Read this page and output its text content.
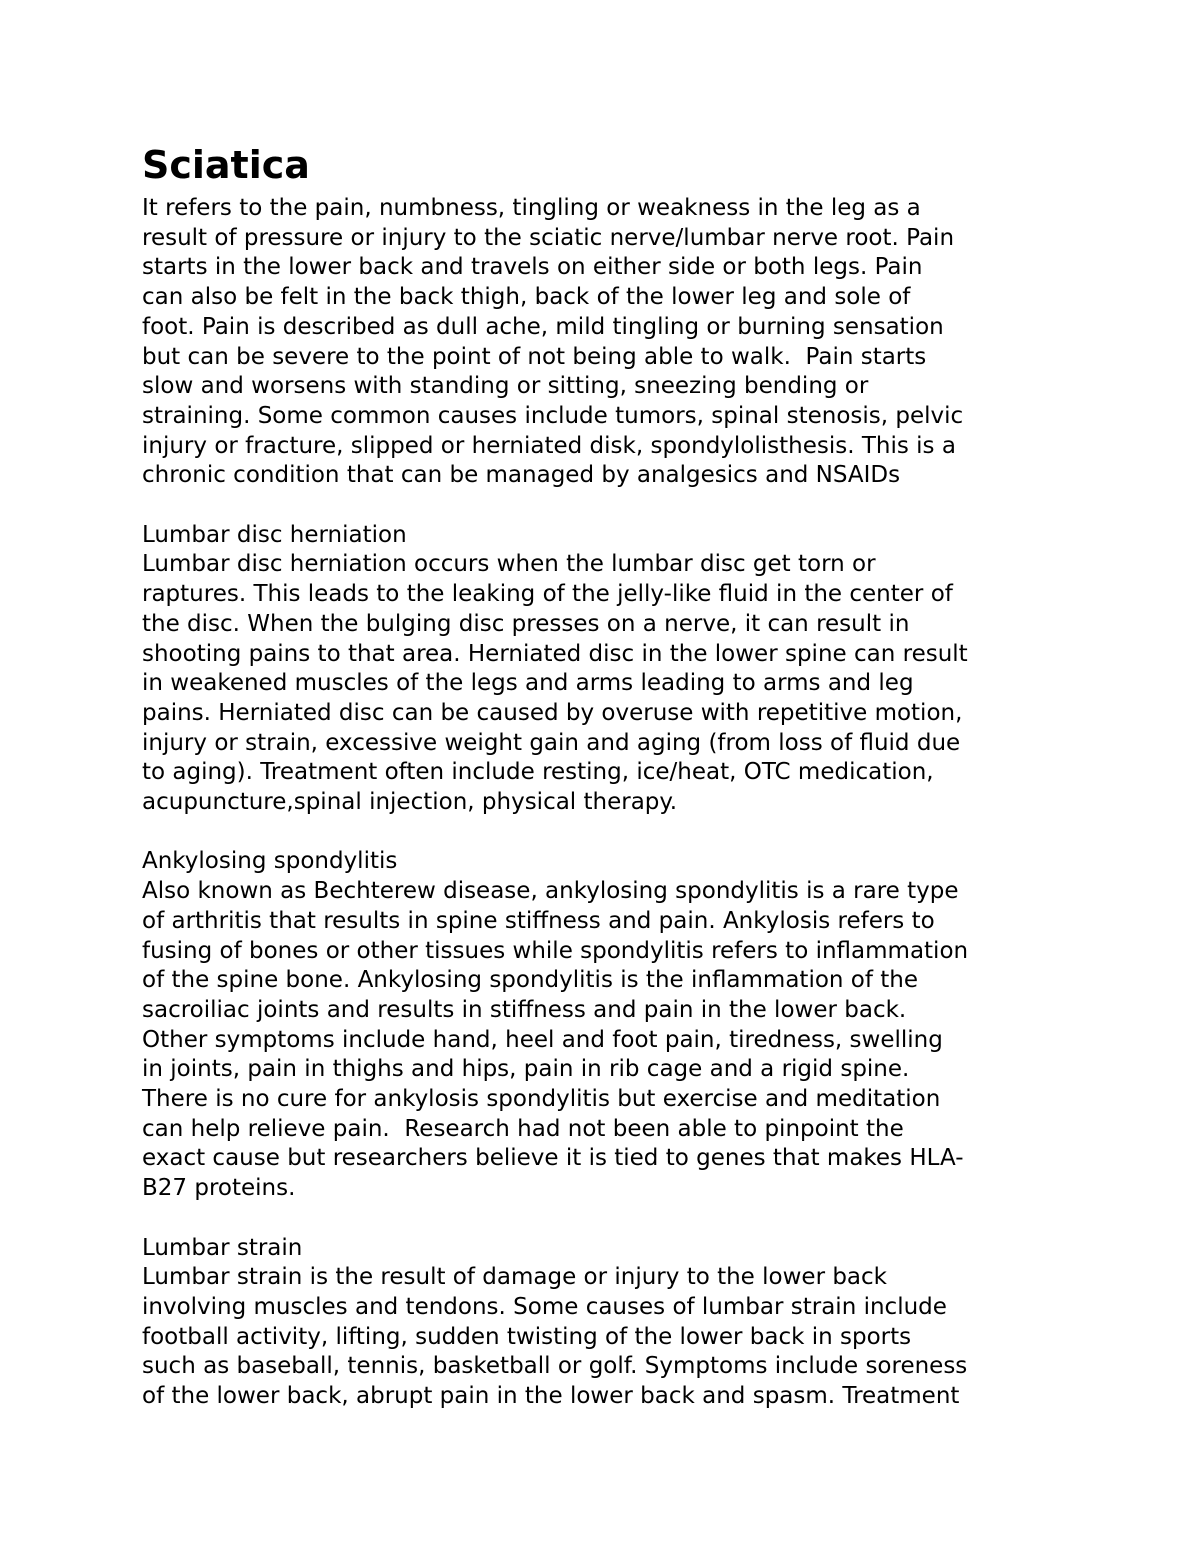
Sciatica
It refers to the pain, numbness, tingling or weakness in the leg as a
result of pressure or injury to the sciatic nerve/lumbar nerve root. Pain
starts in the lower back and travels on either side or both legs. Pain
can also be felt in the back thigh, back of the lower leg and sole of
foot. Pain is described as dull ache, mild tingling or burning sensation
but can be severe to the point of not being able to walk.  Pain starts
slow and worsens with standing or sitting, sneezing bending or
straining. Some common causes include tumors, spinal stenosis, pelvic
injury or fracture, slipped or herniated disk, spondylolisthesis. This is a
chronic condition that can be managed by analgesics and NSAIDs
Lumbar disc herniation
Lumbar disc herniation occurs when the lumbar disc get torn or
raptures. This leads to the leaking of the jelly-like fluid in the center of
the disc. When the bulging disc presses on a nerve, it can result in
shooting pains to that area. Herniated disc in the lower spine can result
in weakened muscles of the legs and arms leading to arms and leg
pains. Herniated disc can be caused by overuse with repetitive motion,
injury or strain, excessive weight gain and aging (from loss of fluid due
to aging). Treatment often include resting, ice/heat, OTC medication,
acupuncture,spinal injection, physical therapy.
Ankylosing spondylitis
Also known as Bechterew disease, ankylosing spondylitis is a rare type
of arthritis that results in spine stiffness and pain. Ankylosis refers to
fusing of bones or other tissues while spondylitis refers to inflammation
of the spine bone. Ankylosing spondylitis is the inflammation of the
sacroiliac joints and results in stiffness and pain in the lower back.
Other symptoms include hand, heel and foot pain, tiredness, swelling
in joints, pain in thighs and hips, pain in rib cage and a rigid spine.
There is no cure for ankylosis spondylitis but exercise and meditation
can help relieve pain.  Research had not been able to pinpoint the
exact cause but researchers believe it is tied to genes that makes HLA-
B27 proteins.
Lumbar strain
Lumbar strain is the result of damage or injury to the lower back
involving muscles and tendons. Some causes of lumbar strain include
football activity, lifting, sudden twisting of the lower back in sports
such as baseball, tennis, basketball or golf. Symptoms include soreness
of the lower back, abrupt pain in the lower back and spasm. Treatment
